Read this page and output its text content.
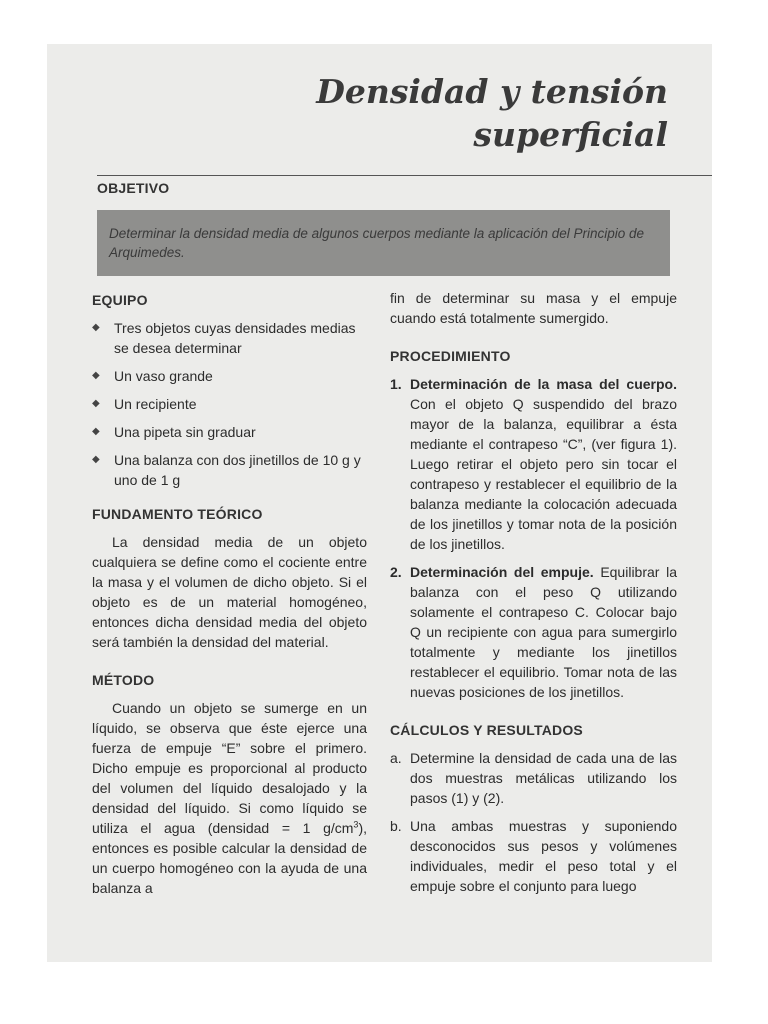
Densidad y tensión
superficial
OBJETIVO
Determinar la densidad media de algunos cuerpos mediante la aplicación del Principio de Arquimedes.
EQUIPO
◆ Tres objetos cuyas densidades medias se desea determinar
◆ Un vaso grande
◆ Un recipiente
◆ Una pipeta sin graduar
◆ Una balanza con dos jinetillos de 10 g y uno de 1 g
FUNDAMENTO TEÓRICO

La densidad media de un objeto cualquiera se define como el cociente entre la masa y el volumen de dicho objeto. Si el objeto es de un material homogéneo, entonces dicha densidad media del objeto será también la densidad del material.

MÉTODO

Cuando un objeto se sumerge en un líquido, se observa que éste ejerce una fuerza de empuje “E” sobre el primero. Dicho empuje es proporcional al producto del volumen del líquido desalojado y la densidad del líquido. Si como líquido se utiliza el agua (densidad = 1 $g/cm^3$), entonces es posible calcular la densidad de un cuerpo homogéneo con la ayuda de una balanza a

fin de determinar su masa y el empuje cuando está totalmente sumergido.

PROCEDIMIENTO
1. Determinación de la masa del cuerpo. Con el objeto Q suspendido del brazo mayor de la balanza, equilibrar a ésta mediante el contrapeso “C”, (ver figura 1). Luego retirar el objeto pero sin tocar el contrapeso y restablecer el equilibrio de la balanza mediante la colocación adecuada de los jinetillos y tomar nota de la posición de los jinetillos.
2. Determinación del empuje. Equilibrar la balanza con el peso Q utilizando solamente el contrapeso C. Colocar bajo Q un recipiente con agua para sumergirlo totalmente y mediante los jinetillos restablecer el equilibrio. Tomar nota de las nuevas posiciones de los jinetillos.
CÁLCULOS Y RESULTADOS
a. Determine la densidad de cada una de las dos muestras metálicas utilizando los pasos (1) y (2).
b. Una ambas muestras y suponiendo desconocidos sus pesos y volúmenes individuales, medir el peso total y el empuje sobre el conjunto para luego
